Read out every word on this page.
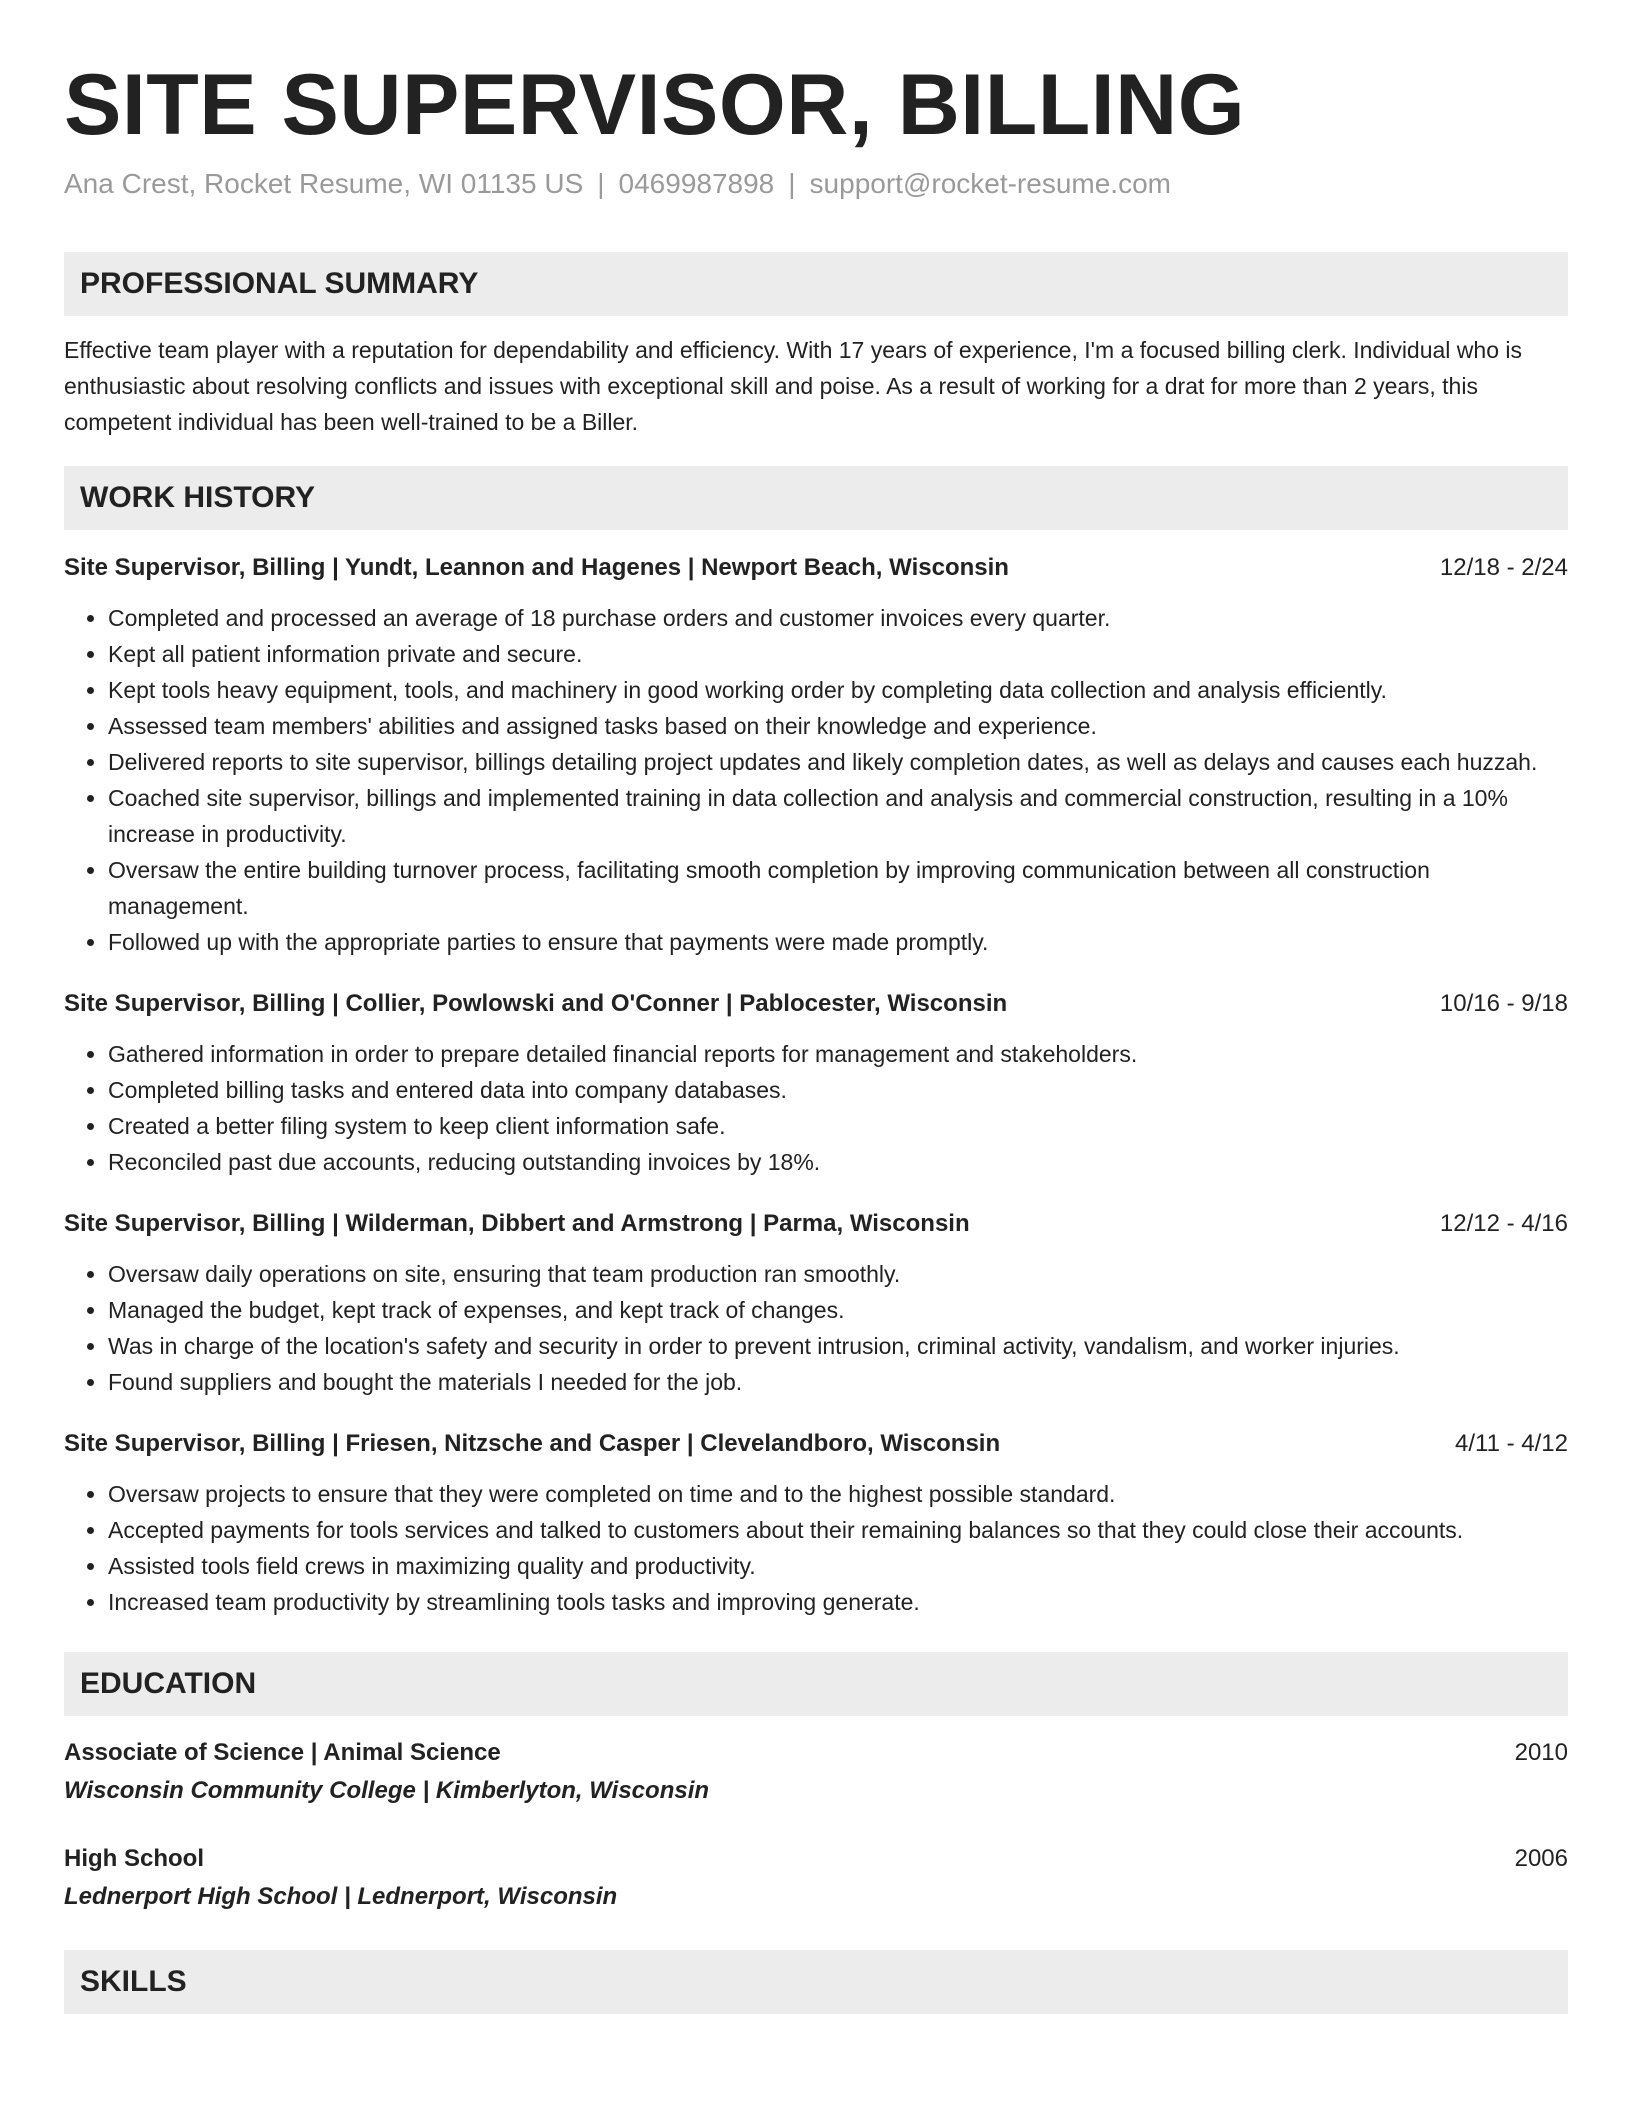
SITE SUPERVISOR, BILLING
Ana Crest, Rocket Resume, WI 01135 US | 0469987898 | support@rocket-resume.com
PROFESSIONAL SUMMARY
Effective team player with a reputation for dependability and efficiency. With 17 years of experience, I'm a focused billing clerk. Individual who is enthusiastic about resolving conflicts and issues with exceptional skill and poise. As a result of working for a drat for more than 2 years, this competent individual has been well-trained to be a Biller.
WORK HISTORY
Site Supervisor, Billing | Yundt, Leannon and Hagenes | Newport Beach, Wisconsin	12/18 - 2/24
• Completed and processed an average of 18 purchase orders and customer invoices every quarter.
• Kept all patient information private and secure.
• Kept tools heavy equipment, tools, and machinery in good working order by completing data collection and analysis efficiently.
• Assessed team members' abilities and assigned tasks based on their knowledge and experience.
• Delivered reports to site supervisor, billings detailing project updates and likely completion dates, as well as delays and causes each huzzah.
• Coached site supervisor, billings and implemented training in data collection and analysis and commercial construction, resulting in a 10% increase in productivity.
• Oversaw the entire building turnover process, facilitating smooth completion by improving communication between all construction management.
• Followed up with the appropriate parties to ensure that payments were made promptly.
Site Supervisor, Billing | Collier, Powlowski and O'Conner | Pablocester, Wisconsin	10/16 - 9/18
• Gathered information in order to prepare detailed financial reports for management and stakeholders.
• Completed billing tasks and entered data into company databases.
• Created a better filing system to keep client information safe.
• Reconciled past due accounts, reducing outstanding invoices by 18%.
Site Supervisor, Billing | Wilderman, Dibbert and Armstrong | Parma, Wisconsin	12/12 - 4/16
• Oversaw daily operations on site, ensuring that team production ran smoothly.
• Managed the budget, kept track of expenses, and kept track of changes.
• Was in charge of the location's safety and security in order to prevent intrusion, criminal activity, vandalism, and worker injuries.
• Found suppliers and bought the materials I needed for the job.
Site Supervisor, Billing | Friesen, Nitzsche and Casper | Clevelandboro, Wisconsin	4/11 - 4/12
• Oversaw projects to ensure that they were completed on time and to the highest possible standard.
• Accepted payments for tools services and talked to customers about their remaining balances so that they could close their accounts.
• Assisted tools field crews in maximizing quality and productivity.
• Increased team productivity by streamlining tools tasks and improving generate.
EDUCATION
Associate of Science | Animal Science	2010
Wisconsin Community College | Kimberlyton, Wisconsin
High School	2006
Lednerport High School | Lednerport, Wisconsin
SKILLS
